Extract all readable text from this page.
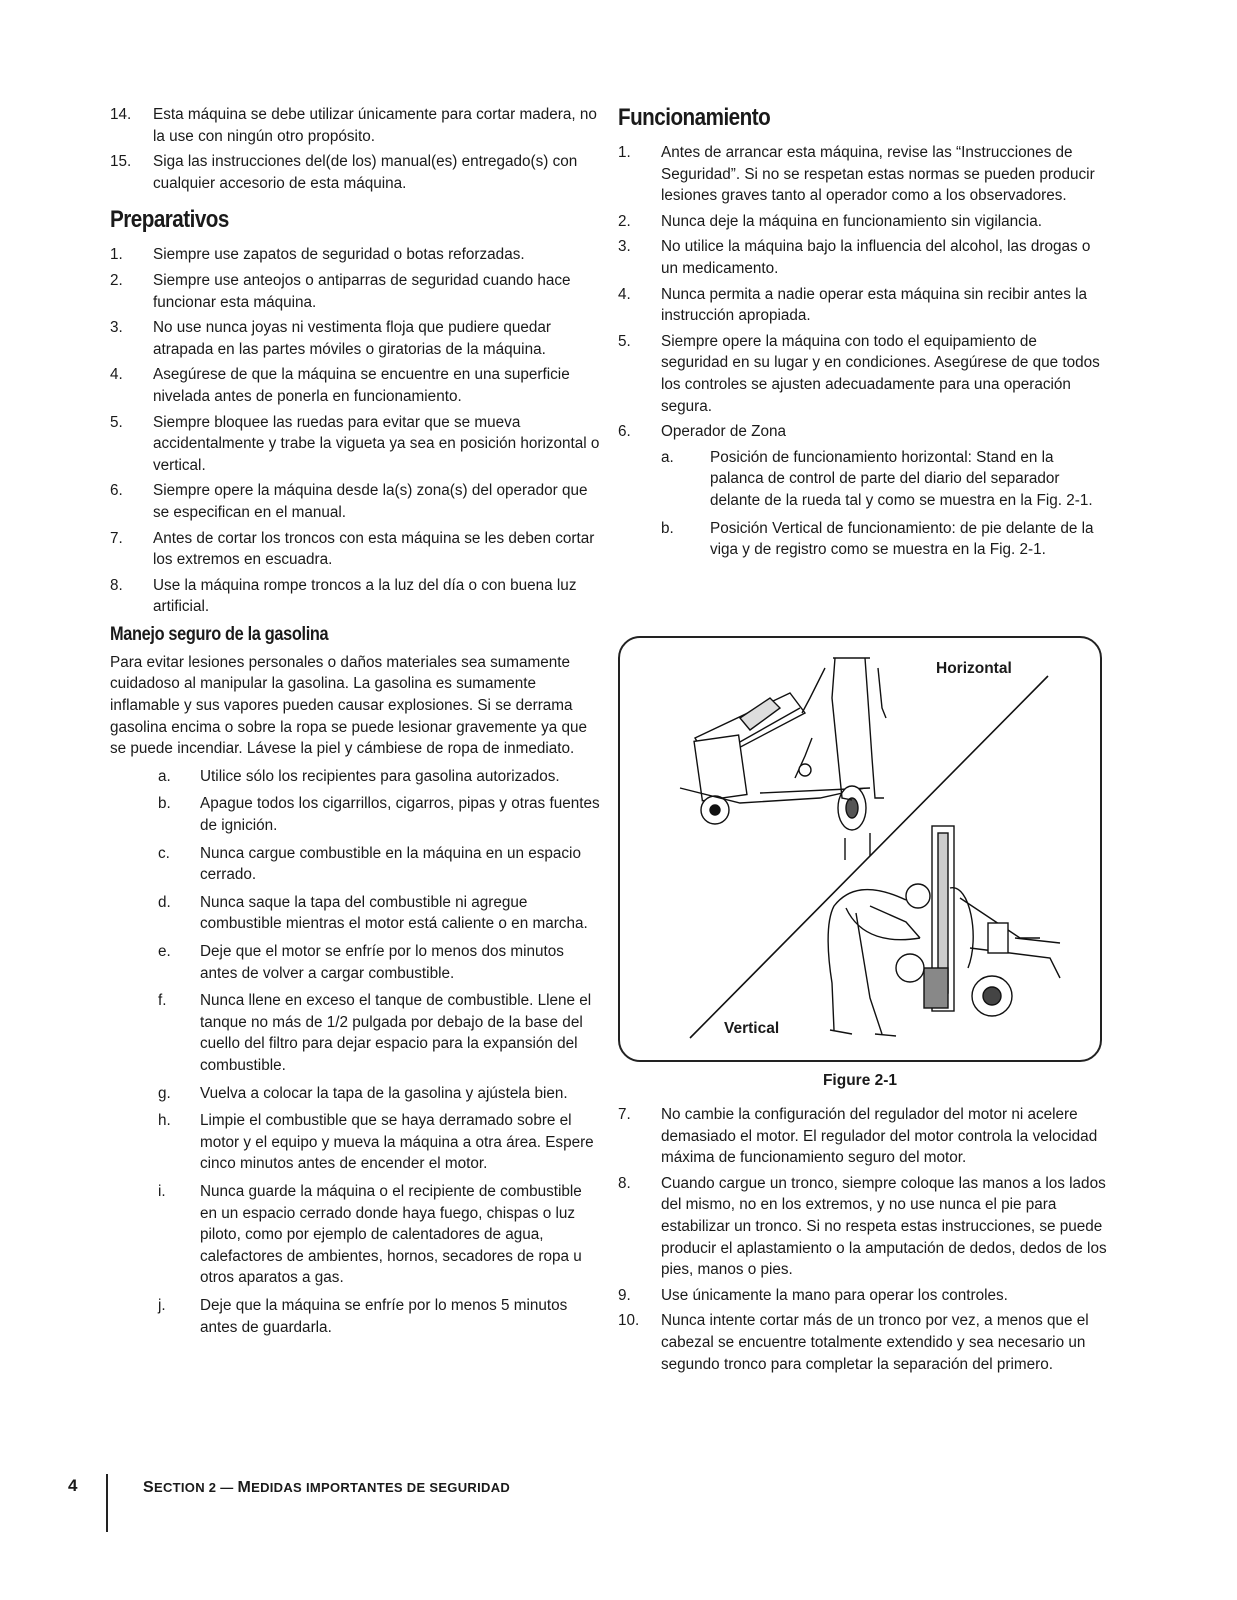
14. Esta máquina se debe utilizar únicamente para cortar madera, no la use con ningún otro propósito.
15. Siga las instrucciones del(de los) manual(es) entregado(s) con cualquier accesorio de esta máquina.
Preparativos
1. Siempre use zapatos de seguridad o botas reforzadas.
2. Siempre use anteojos o antiparras de seguridad cuando hace funcionar esta máquina.
3. No use nunca joyas ni vestimenta floja que pudiere quedar atrapada en las partes móviles o giratorias de la máquina.
4. Asegúrese de que la máquina se encuentre en una superficie nivelada antes de ponerla en funcionamiento.
5. Siempre bloquee las ruedas para evitar que se mueva accidentalmente y trabe la vigueta ya sea en posición horizontal o vertical.
6. Siempre opere la máquina desde la(s) zona(s) del operador que se especifican en el manual.
7. Antes de cortar los troncos con esta máquina se les deben cortar los extremos en escuadra.
8. Use la máquina rompe troncos a la luz del día o con buena luz artificial.
Manejo seguro de la gasolina

Para evitar lesiones personales o daños materiales sea sumamente cuidadoso al manipular la gasolina. La gasolina es sumamente inflamable y sus vapores pueden causar explosiones. Si se derrama gasolina encima o sobre la ropa se puede lesionar gravemente ya que se puede incendiar. Lávese la piel y cámbiese de ropa de inmediato.

a. Utilice sólo los recipientes para gasolina autorizados.
b. Apague todos los cigarrillos, cigarros, pipas y otras fuentes de ignición.
c. Nunca cargue combustible en la máquina en un espacio cerrado.
d. Nunca saque la tapa del combustible ni agregue combustible mientras el motor está caliente o en marcha.
e. Deje que el motor se enfríe por lo menos dos minutos antes de volver a cargar combustible.
f. Nunca llene en exceso el tanque de combustible. Llene el tanque no más de 1/2 pulgada por debajo de la base del cuello del filtro para dejar espacio para la expansión del combustible.
g. Vuelva a colocar la tapa de la gasolina y ajústela bien.
h. Limpie el combustible que se haya derramado sobre el motor y el equipo y mueva la máquina a otra área. Espere cinco minutos antes de encender el motor.
i. Nunca guarde la máquina o el recipiente de combustible en un espacio cerrado donde haya fuego, chispas o luz piloto, como por ejemplo de calentadores de agua, calefactores de ambientes, hornos, secadores de ropa u otros aparatos a gas.
j. Deje que la máquina se enfríe por lo menos 5 minutos antes de guardarla.
Funcionamiento
1. Antes de arrancar esta máquina, revise las “Instrucciones de Seguridad”. Si no se respetan estas normas se pueden producir lesiones graves tanto al operador como a los observadores.
2. Nunca deje la máquina en funcionamiento sin vigilancia.
3. No utilice la máquina bajo la influencia del alcohol, las drogas o un medicamento.
4. Nunca permita a nadie operar esta máquina sin recibir antes la instrucción apropiada.
5. Siempre opere la máquina con todo el equipamiento de seguridad en su lugar y en condiciones. Asegúrese de que todos los controles se ajusten adecuadamente para una operación segura.
6. Operador de Zona
a. Posición de funcionamiento horizontal: Stand en la palanca de control de parte del diario del separador delante de la rueda tal y como se muestra en la Fig. 2-1.
b. Posición Vertical de funcionamiento: de pie delante de la viga y de registro como se muestra en la Fig. 2-1.
Horizontal
Vertical
Figure 2-1
7. No cambie la configuración del regulador del motor ni acelere demasiado el motor. El regulador del motor controla la velocidad máxima de funcionamiento seguro del motor.
8. Cuando cargue un tronco, siempre coloque las manos a los lados del mismo, no en los extremos, y no use nunca el pie para estabilizar un tronco. Si no respeta estas instrucciones, se puede producir el aplastamiento o la amputación de dedos, dedos de los pies, manos o pies.
9. Use únicamente la mano para operar los controles.
10. Nunca intente cortar más de un tronco por vez, a menos que el cabezal se encuentre totalmente extendido y sea necesario un segundo tronco para completar la separación del primero.
4	SECTION 2 — MEDIDAS IMPORTANTES DE SEGURIDAD
